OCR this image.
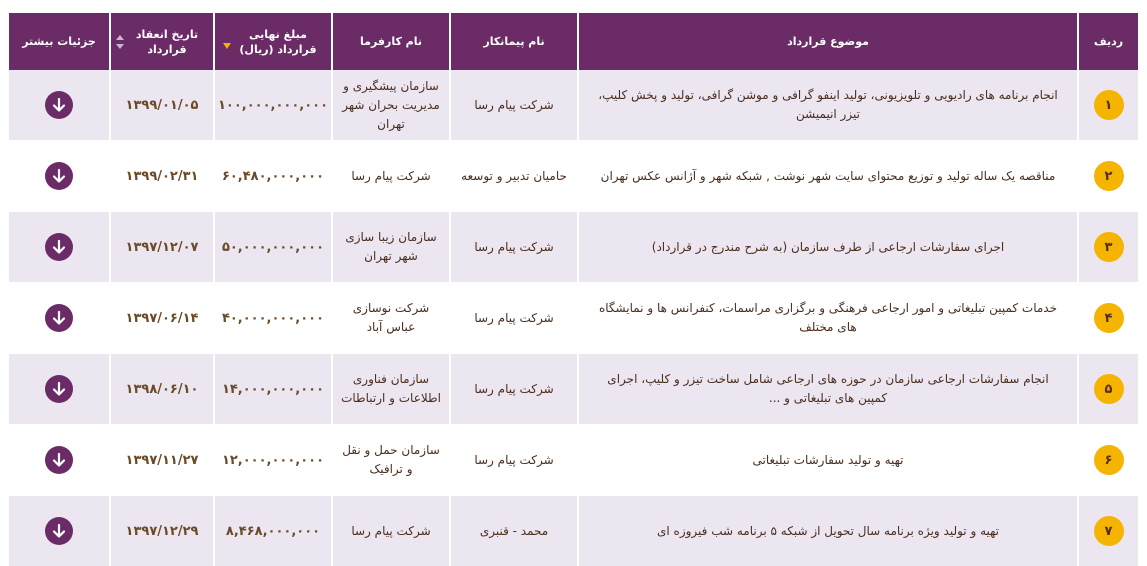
ردیف
موضوع قرارداد
نام پیمانکار
نام کارفرما
مبلغ نهایی قرارداد (ریال)
تاریخ انعقاد قرارداد
جزئیات بیشتر
۱
انجام برنامه های رادیویی و تلویزیونی، تولید اینفو گرافی و موشن گرافی، تولید و پخش کلیپ، تیزر انیمیشن
شرکت پیام رسا
سازمان پیشگیری و مدیریت بحران شهر تهران
۱۰۰,۰۰۰,۰۰۰,۰۰۰
۱۳۹۹/۰۱/۰۵
۲
مناقصه یک ساله تولید و توزیع محتوای سایت شهر نوشت , شبکه شهر و آژانس عکس تهران
حامیان تدبیر و توسعه
شرکت پیام رسا
۶۰,۴۸۰,۰۰۰,۰۰۰
۱۳۹۹/۰۲/۳۱
۳
اجرای سفارشات ارجاعی از طرف سازمان (به شرح مندرج در قرارداد)
شرکت پیام رسا
سازمان زیبا سازی شهر تهران
۵۰,۰۰۰,۰۰۰,۰۰۰
۱۳۹۷/۱۲/۰۷
۴
خدمات کمپین تبلیغاتی و امور ارجاعی فرهنگی و برگزاری مراسمات، کنفرانس ها و نمایشگاه های مختلف
شرکت پیام رسا
شرکت نوسازی عباس آباد
۴۰,۰۰۰,۰۰۰,۰۰۰
۱۳۹۷/۰۶/۱۴
۵
انجام سفارشات ارجاعی سازمان در حوزه های ارجاعی شامل ساخت تیزر و کلیپ، اجرای کمپین های تبلیغاتی و ...
شرکت پیام رسا
سازمان فناوری اطلاعات و ارتباطات
۱۴,۰۰۰,۰۰۰,۰۰۰
۱۳۹۸/۰۶/۱۰
۶
تهیه و تولید سفارشات تبلیغاتی
شرکت پیام رسا
سازمان حمل و نقل و ترافیک
۱۲,۰۰۰,۰۰۰,۰۰۰
۱۳۹۷/۱۱/۲۷
۷
تهیه و تولید ویژه برنامه سال تحویل از شبکه ۵ برنامه شب فیروزه ای
محمد - قنبری
شرکت پیام رسا
۸,۴۶۸,۰۰۰,۰۰۰
۱۳۹۷/۱۲/۲۹
